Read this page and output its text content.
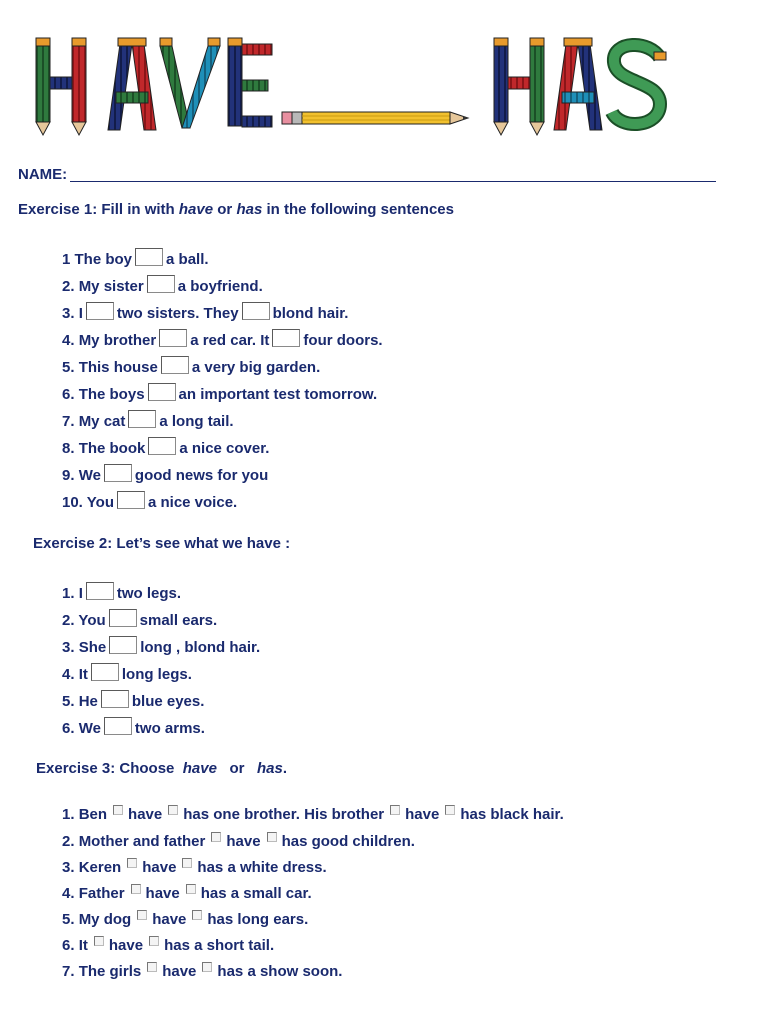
NAME:
Exercise 1: Fill in with have or has in the following sentences
1 The boy a ball.
2. My sister a boyfriend.
3. I two sisters. They blond hair.
4. My brother a red car. It four doors.
5. This house a very big garden.
6. The boys an important test tomorrow.
7. My cat a long tail.
8. The book a nice cover.
9. We good news for you
10. You a nice voice.
Exercise 2: Let’s see what we have :
1. I two legs.
2. You small ears.
3. She long , blond hair.
4. It long legs.
5. He blue eyes.
6. We two arms.
Exercise 3: Choose  have or has.
1. Ben have has one brother. His brother have has black hair.
2. Mother and father have has good children.
3. Keren have has a white dress.
4. Father have has a small car.
5. My dog have has long ears.
6. It have has a short tail.
7. The girls have has a show soon.
